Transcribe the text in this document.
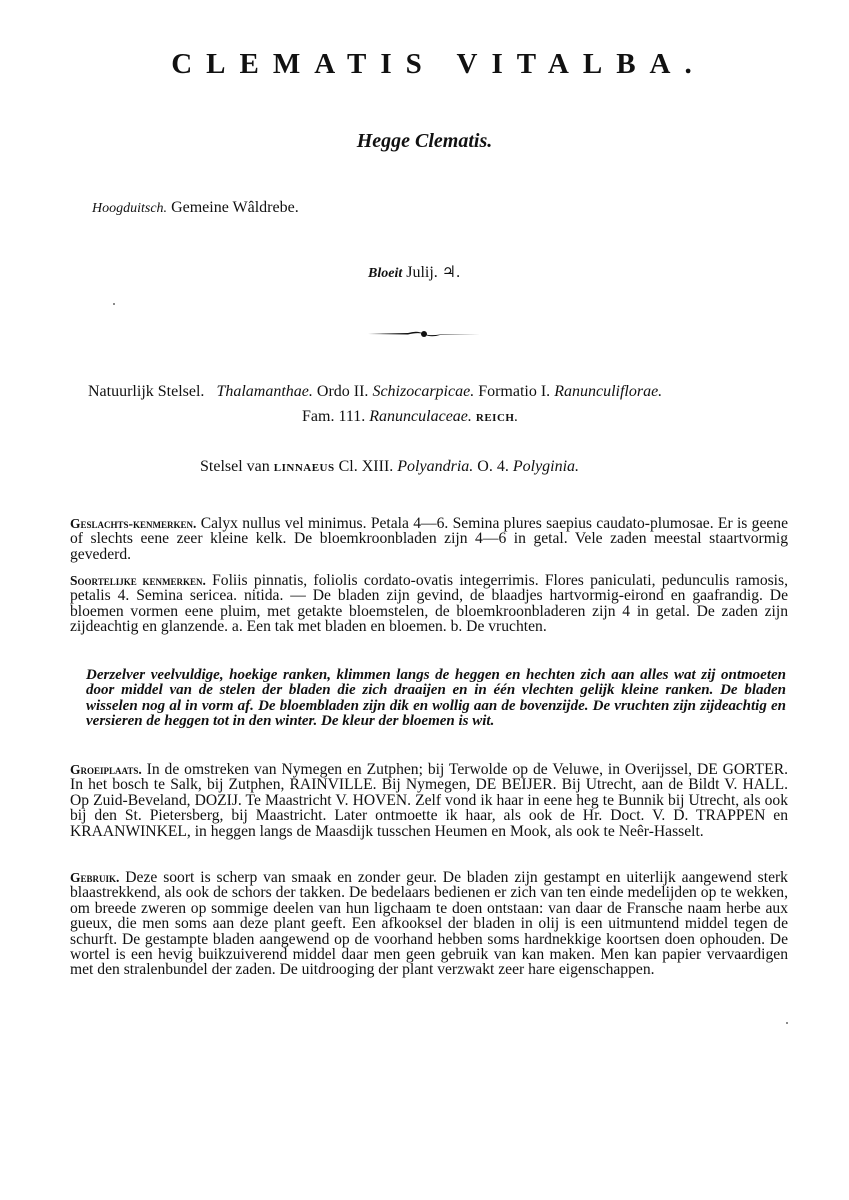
CLEMATIS VITALBA.
Hegge Clematis.
Hoogduitsch. Gemeine Wâldrebe.
Bloeit Julij. ♃.
Natuurlijk Stelsel. Thalamanthae. Ordo II. Schizocarpicae. Formatio I. Ranunculiflorae.
Fam. 111. Ranunculaceae. REICH.
Stelsel van LINNAEUS Cl. XIII. Polyandria. O. 4. Polyginia.
Geslachts-kenmerken. Calyx nullus vel minimus. Petala 4—6. Semina plures saepius caudato-plumosae. Er is geene of slechts eene zeer kleine kelk. De bloemkroonbladen zijn 4—6 in getal. Vele zaden meestal staartvormig gevederd.
Soortelijke kenmerken. Foliis pinnatis, foliolis cordato-ovatis integerrimis. Flores paniculati, pedunculis ramosis, petalis 4. Semina sericea. nitida. — De bladen zijn gevind, de blaadjes hartvormig-eirond en gaafrandig. De bloemen vormen eene pluim, met getakte bloemstelen, de bloemkroonbladeren zijn 4 in getal. De zaden zijn zijdeachtig en glanzende. a. Een tak met bladen en bloemen. b. De vruchten.
Derzelver veelvuldige, hoekige ranken, klimmen langs de heggen en hechten zich aan alles wat zij ontmoeten door middel van de stelen der bladen die zich draaijen en in één vlechten gelijk kleine ranken. De bladen wisselen nog al in vorm af. De bloembladen zijn dik en wollig aan de bovenzijde. De vruchten zijn zijdeachtig en versieren de heggen tot in den winter. De kleur der bloemen is wit.
Groeiplaats. In de omstreken van Nymegen en Zutphen; bij Terwolde op de Veluwe, in Overijssel, DE GORTER. In het bosch te Salk, bij Zutphen, RAINVILLE. Bij Nymegen, DE BEIJER. Bij Utrecht, aan de Bildt V. HALL. Op Zuid-Beveland, DOZIJ. Te Maastricht V. HOVEN. Zelf vond ik haar in eene heg te Bunnik bij Utrecht, als ook bij den St. Pietersberg, bij Maastricht. Later ontmoette ik haar, als ook de Hr. Doct. V. D. TRAPPEN en KRAANWINKEL, in heggen langs de Maasdijk tusschen Heumen en Mook, als ook te Neêr-Hasselt.
Gebruik. Deze soort is scherp van smaak en zonder geur. De bladen zijn gestampt en uiterlijk aangewend sterk blaastrekkend, als ook de schors der takken. De bedelaars bedienen er zich van ten einde medelijden op te wekken, om breede zweren op sommige deelen van hun ligchaam te doen ontstaan: van daar de Fransche naam herbe aux gueux, die men soms aan deze plant geeft. Een afkooksel der bladen in olij is een uitmuntend middel tegen de schurft. De gestampte bladen aangewend op de voorhand hebben soms hardnekkige koortsen doen ophouden. De wortel is een hevig buikzuiverend middel daar men geen gebruik van kan maken. Men kan papier vervaardigen met den stralenbundel der zaden. De uitdrooging der plant verzwakt zeer hare eigenschappen.
